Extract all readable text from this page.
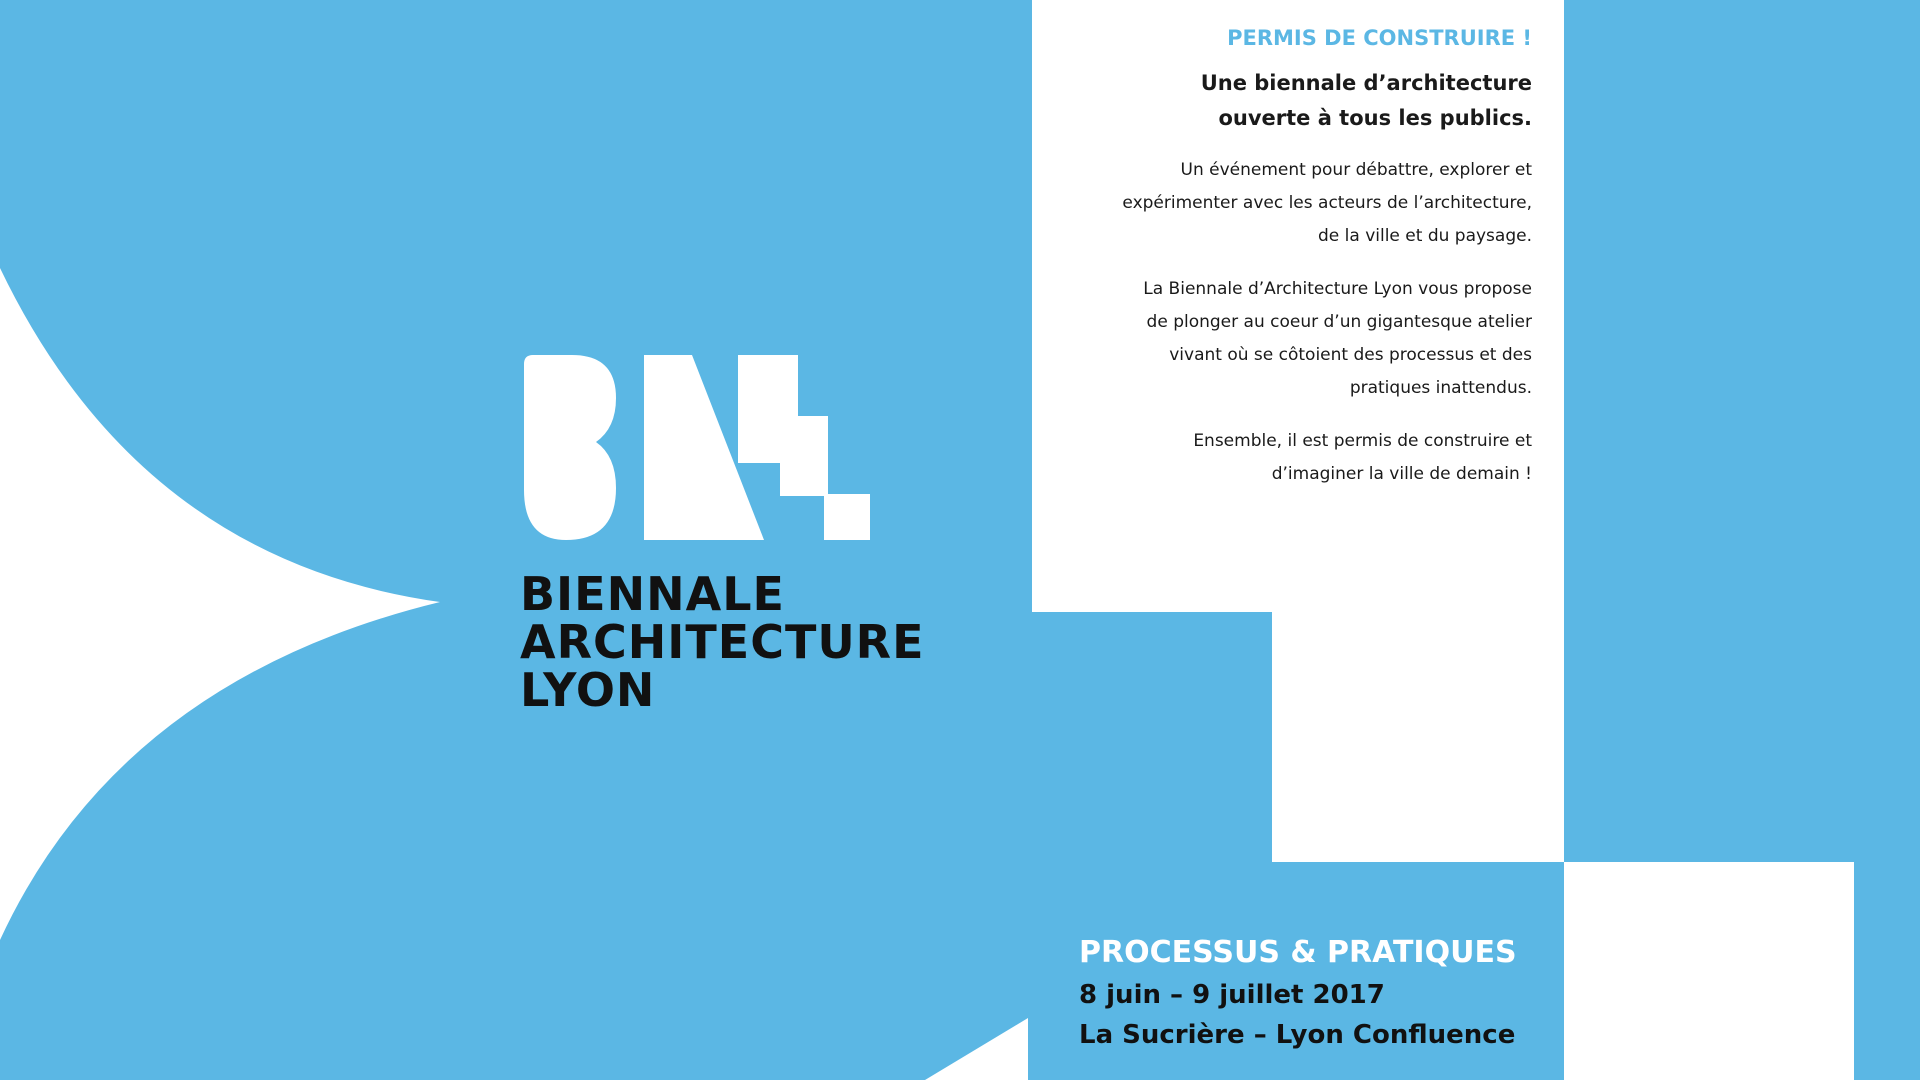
BIENNALE
ARCHITECTURE
LYON

PERMIS DE CONSTRUIRE !

Une biennale d’architecture ouverte à tous les publics.

Un événement pour débattre, explorer et expérimenter avec les acteurs de l’architecture, de la ville et du paysage.

La Biennale d’Architecture Lyon vous propose de plonger au coeur d’un gigantesque atelier vivant où se côtoient des processus et des pratiques inattendus.

Ensemble, il est permis de construire et d’imaginer la ville de demain !

PROCESSUS & PRATIQUES

8 juin – 9 juillet 2017

La Sucrière – Lyon Confluence
